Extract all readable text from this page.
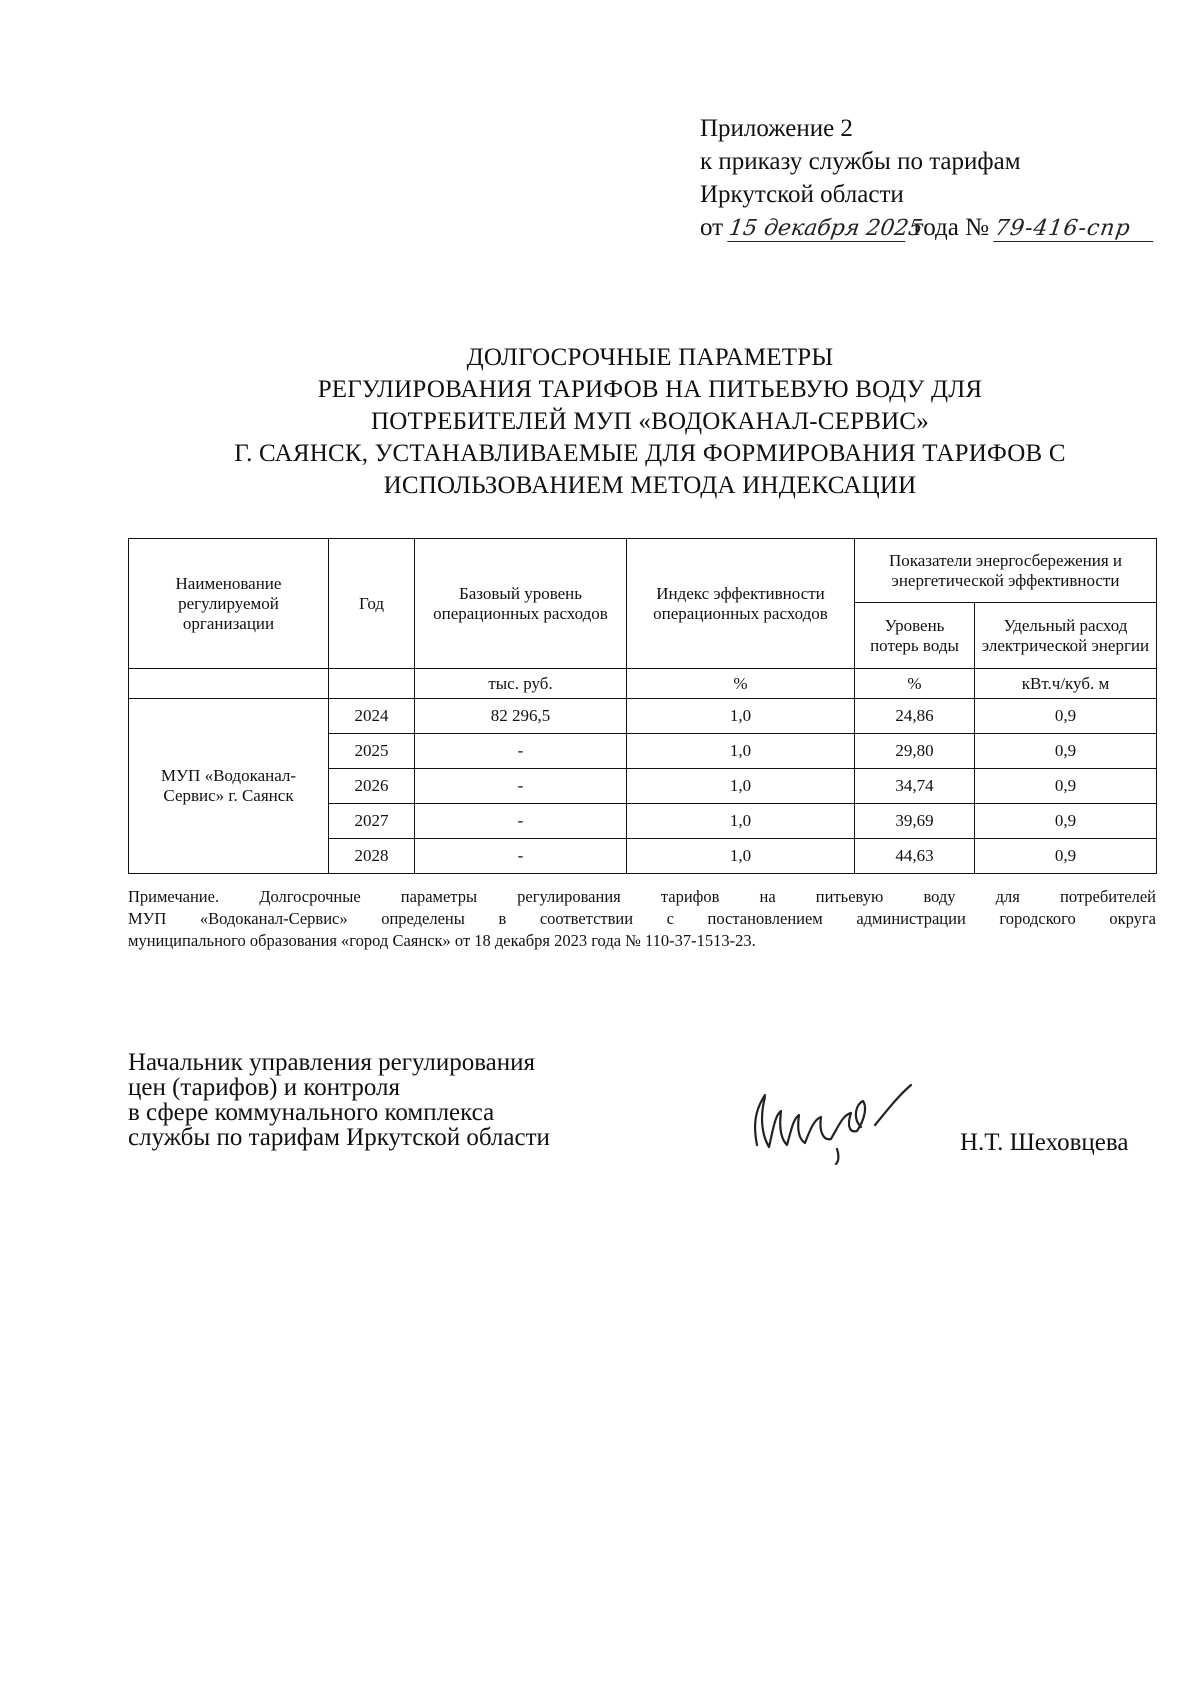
Приложение 2
к приказу службы по тарифам
Иркутской области
от 15 декабря 2025 года № 79-416-спр
ДОЛГОСРОЧНЫЕ ПАРАМЕТРЫ
РЕГУЛИРОВАНИЯ ТАРИФОВ НА ПИТЬЕВУЮ ВОДУ ДЛЯ
ПОТРЕБИТЕЛЕЙ МУП «ВОДОКАНАЛ-СЕРВИС»
Г. САЯНСК, УСТАНАВЛИВАЕМЫЕ ДЛЯ ФОРМИРОВАНИЯ ТАРИФОВ С
ИСПОЛЬЗОВАНИЕМ МЕТОДА ИНДЕКСАЦИИ
Наименование регулируемой организации	Год	Базовый уровень операционных расходов	Индекс эффективности операционных расходов	Показатели энергосбережения и энергетической эффективности	
				Уровень потерь воды	Удельный расход электрической энергии
		тыс. руб.	%	%	кВт.ч/куб. м
МУП «Водоканал-Сервис» г. Саянск	2024	82 296,5	1,0	24,86	0,9
	2025	-	1,0	29,80	0,9
	2026	-	1,0	34,74	0,9
	2027	-	1,0	39,69	0,9
	2028	-	1,0	44,63	0,9
Примечание. Долгосрочные параметры регулирования тарифов на питьевую воду для потребителей
МУП «Водоканал-Сервис» определены в соответствии с постановлением администрации городского округа
муниципального образования «город Саянск» от 18 декабря 2023 года № 110-37-1513-23.
Начальник управления регулирования
цен (тарифов) и контроля
в сфере коммунального комплекса
службы по тарифам Иркутской области	Н.Т. Шеховцева
